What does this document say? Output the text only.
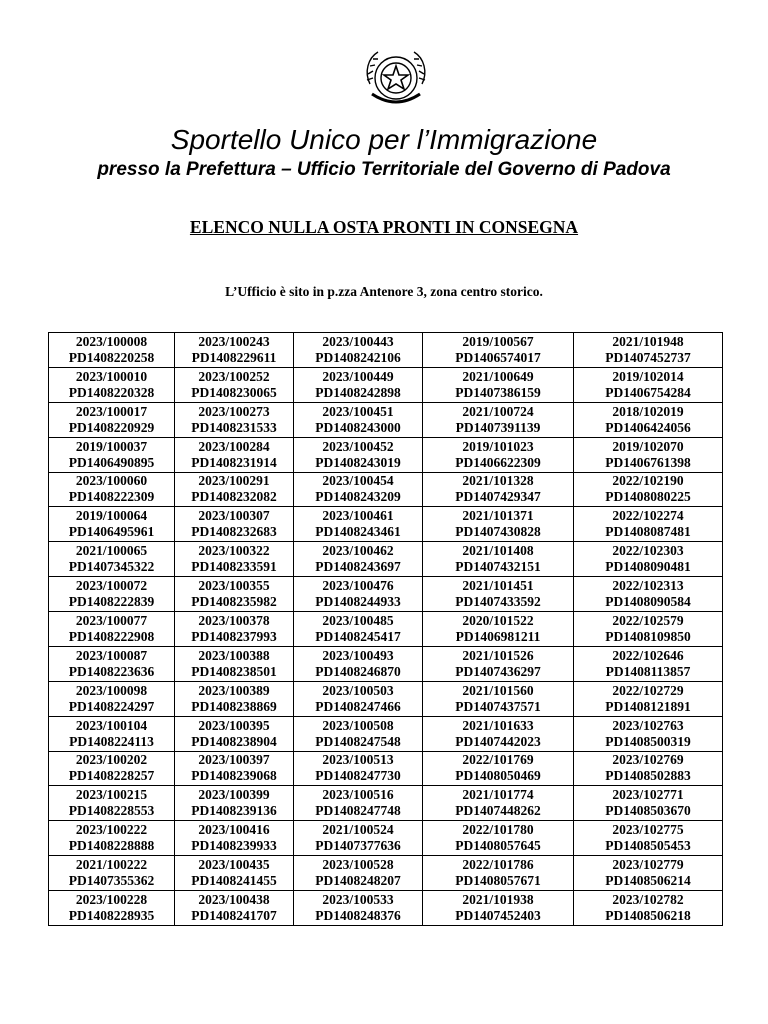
Sportello Unico per l’Immigrazione
presso la Prefettura – Ufficio Territoriale del Governo di Padova
ELENCO NULLA OSTA PRONTI IN CONSEGNA
L’Ufficio è sito in p.zza Antenore 3, zona centro storico.
2023/100008
PD1408220258	2023/100243
PD1408229611	2023/100443
PD1408242106	2019/100567
PD1406574017	2021/101948
PD1407452737

2023/100010
PD1408220328	2023/100252
PD1408230065	2023/100449
PD1408242898	2021/100649
PD1407386159	2019/102014
PD1406754284

2023/100017
PD1408220929	2023/100273
PD1408231533	2023/100451
PD1408243000	2021/100724
PD1407391139	2018/102019
PD1406424056

2019/100037
PD1406490895	2023/100284
PD1408231914	2023/100452
PD1408243019	2019/101023
PD1406622309	2019/102070
PD1406761398

2023/100060
PD1408222309	2023/100291
PD1408232082	2023/100454
PD1408243209	2021/101328
PD1407429347	2022/102190
PD1408080225

2019/100064
PD1406495961	2023/100307
PD1408232683	2023/100461
PD1408243461	2021/101371
PD1407430828	2022/102274
PD1408087481

2021/100065
PD1407345322	2023/100322
PD1408233591	2023/100462
PD1408243697	2021/101408
PD1407432151	2022/102303
PD1408090481

2023/100072
PD1408222839	2023/100355
PD1408235982	2023/100476
PD1408244933	2021/101451
PD1407433592	2022/102313
PD1408090584

2023/100077
PD1408222908	2023/100378
PD1408237993	2023/100485
PD1408245417	2020/101522
PD1406981211	2022/102579
PD1408109850

2023/100087
PD1408223636	2023/100388
PD1408238501	2023/100493
PD1408246870	2021/101526
PD1407436297	2022/102646
PD1408113857

2023/100098
PD1408224297	2023/100389
PD1408238869	2023/100503
PD1408247466	2021/101560
PD1407437571	2022/102729
PD1408121891

2023/100104
PD1408224113	2023/100395
PD1408238904	2023/100508
PD1408247548	2021/101633
PD1407442023	2023/102763
PD1408500319

2023/100202
PD1408228257	2023/100397
PD1408239068	2023/100513
PD1408247730	2022/101769
PD1408050469	2023/102769
PD1408502883

2023/100215
PD1408228553	2023/100399
PD1408239136	2023/100516
PD1408247748	2021/101774
PD1407448262	2023/102771
PD1408503670

2023/100222
PD1408228888	2023/100416
PD1408239933	2021/100524
PD1407377636	2022/101780
PD1408057645	2023/102775
PD1408505453

2021/100222
PD1407355362	2023/100435
PD1408241455	2023/100528
PD1408248207	2022/101786
PD1408057671	2023/102779
PD1408506214

2023/100228
PD1408228935	2023/100438
PD1408241707	2023/100533
PD1408248376	2021/101938
PD1407452403	2023/102782
PD1408506218
